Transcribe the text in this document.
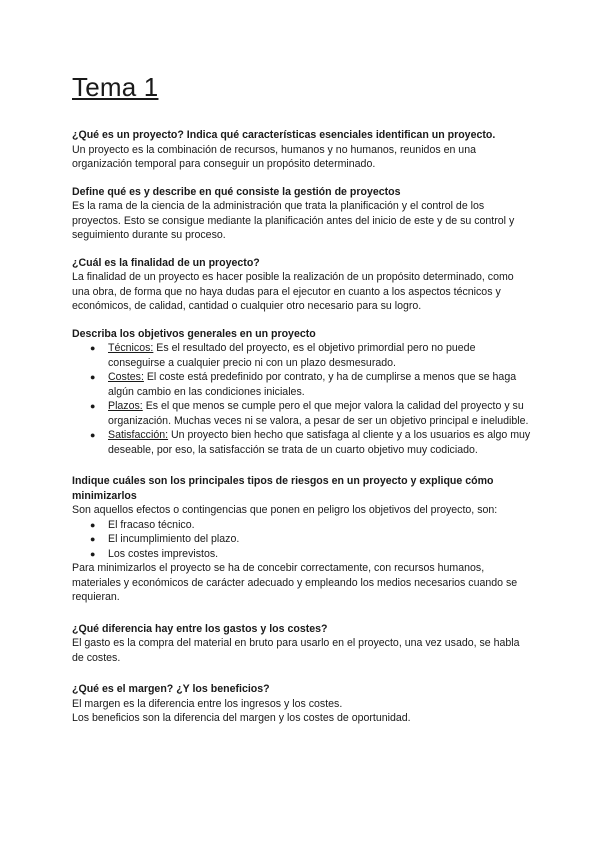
Tema 1

¿Qué es un proyecto? Indica qué características esenciales identifican un proyecto.

Un proyecto es la combinación de recursos, humanos y no humanos, reunidos en una organización temporal para conseguir un propósito determinado.

Define qué es y describe en qué consiste la gestión de proyectos

Es la rama de la ciencia de la administración que trata la planificación y el control de los proyectos. Esto se consigue mediante la planificación antes del inicio de este y de su control y seguimiento durante su proceso.

¿Cuál es la finalidad de un proyecto?

La finalidad de un proyecto es hacer posible la realización de un propósito determinado, como una obra, de forma que no haya dudas para el ejecutor en cuanto a los aspectos técnicos y económicos, de calidad, cantidad o cualquier otro necesario para su logro.

Describa los objetivos generales en un proyecto

● Técnicos: Es el resultado del proyecto, es el objetivo primordial pero no puede conseguirse a cualquier precio ni con un plazo desmesurado.
● Costes: El coste está predefinido por contrato, y ha de cumplirse a menos que se haga algún cambio en las condiciones iniciales.
● Plazos: Es el que menos se cumple pero el que mejor valora la calidad del proyecto y su organización. Muchas veces ni se valora, a pesar de ser un objetivo principal e ineludible.
● Satisfacción: Un proyecto bien hecho que satisfaga al cliente y a los usuarios es algo muy deseable, por eso, la satisfacción se trata de un cuarto objetivo muy codiciado.

Indique cuáles son los principales tipos de riesgos en un proyecto y explique cómo minimizarlos

Son aquellos efectos o contingencias que ponen en peligro los objetivos del proyecto, son:

● El fracaso técnico.
● El incumplimiento del plazo.
● Los costes imprevistos.

Para minimizarlos el proyecto se ha de concebir correctamente, con recursos humanos, materiales y económicos de carácter adecuado y empleando los medios necesarios cuando se requieran.

¿Qué diferencia hay entre los gastos y los costes?

El gasto es la compra del material en bruto para usarlo en el proyecto, una vez usado, se habla de costes.

¿Qué es el margen? ¿Y los beneficios?

El margen es la diferencia entre los ingresos y los costes.

Los beneficios son la diferencia del margen y los costes de oportunidad.
